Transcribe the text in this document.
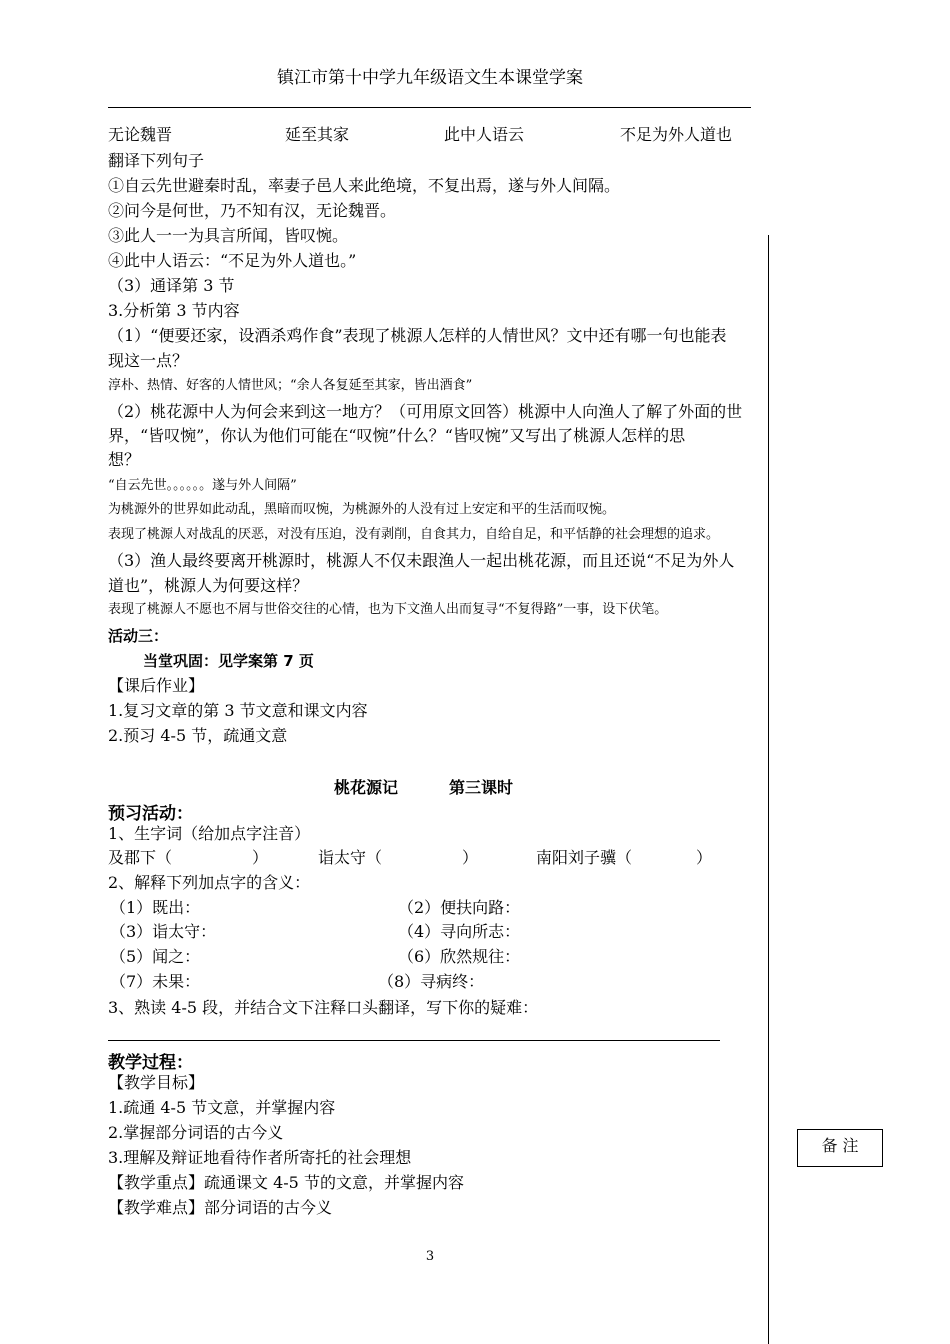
镇江市第十中学九年级语文生本课堂学案
无论魏晋	延至其家	此中人语云	不足为外人道也
翻译下列句子
①自云先世避秦时乱，率妻子邑人来此绝境，不复出焉，遂与外人间隔。
②问今是何世，乃不知有汉，无论魏晋。
③此人一一为具言所闻，皆叹惋。
④此中人语云：“不足为外人道也。”
（3）通译第 3 节
3.分析第 3 节内容
（1）“便要还家，设酒杀鸡作食”表现了桃源人怎样的人情世风？文中还有哪一句也能表
现这一点？
淳朴、热情、好客的人情世风；“余人各复延至其家，皆出酒食”
（2）桃花源中人为何会来到这一地方？（可用原文回答）桃源中人向渔人了解了外面的世
界，“皆叹惋”，你认为他们可能在“叹惋”什么？“皆叹惋”又写出了桃源人怎样的思
想？
“自云先世。。。。。。遂与外人间隔”
为桃源外的世界如此动乱，黑暗而叹惋，为桃源外的人没有过上安定和平的生活而叹惋。
表现了桃源人对战乱的厌恶，对没有压迫，没有剥削，自食其力，自给自足，和平恬静的社会理想的追求。
（3）渔人最终要离开桃源时，桃源人不仅未跟渔人一起出桃花源，而且还说“不足为外人
道也”，桃源人为何要这样？
表现了桃源人不愿也不屑与世俗交往的心情，也为下文渔人出而复寻“不复得路”一事，设下伏笔。
活动三：
当堂巩固：见学案第 7 页
【课后作业】
1.复习文章的第 3 节文意和课文内容
2.预习 4-5 节，疏通文意
桃花源记	第三课时
预习活动：
1、生字词（给加点字注音）
及郡下（　　　　　）	诣太守（　　　　　）	南阳刘子骥（　　　　）
2、解释下列加点字的含义：
（1）既出：	（2）便扶向路：
（3）诣太守：	（4）寻向所志：
（5）闻之：	（6）欣然规往：
（7）未果：	（8）寻病终：
3、熟读 4-5 段，并结合文下注释口头翻译，写下你的疑难：
教学过程：
【教学目标】
1.疏通 4-5 节文意，并掌握内容
2.掌握部分词语的古今义
3.理解及辩证地看待作者所寄托的社会理想
【教学重点】疏通课文 4-5 节的文意，并掌握内容
【教学难点】部分词语的古今义
备 注
3
